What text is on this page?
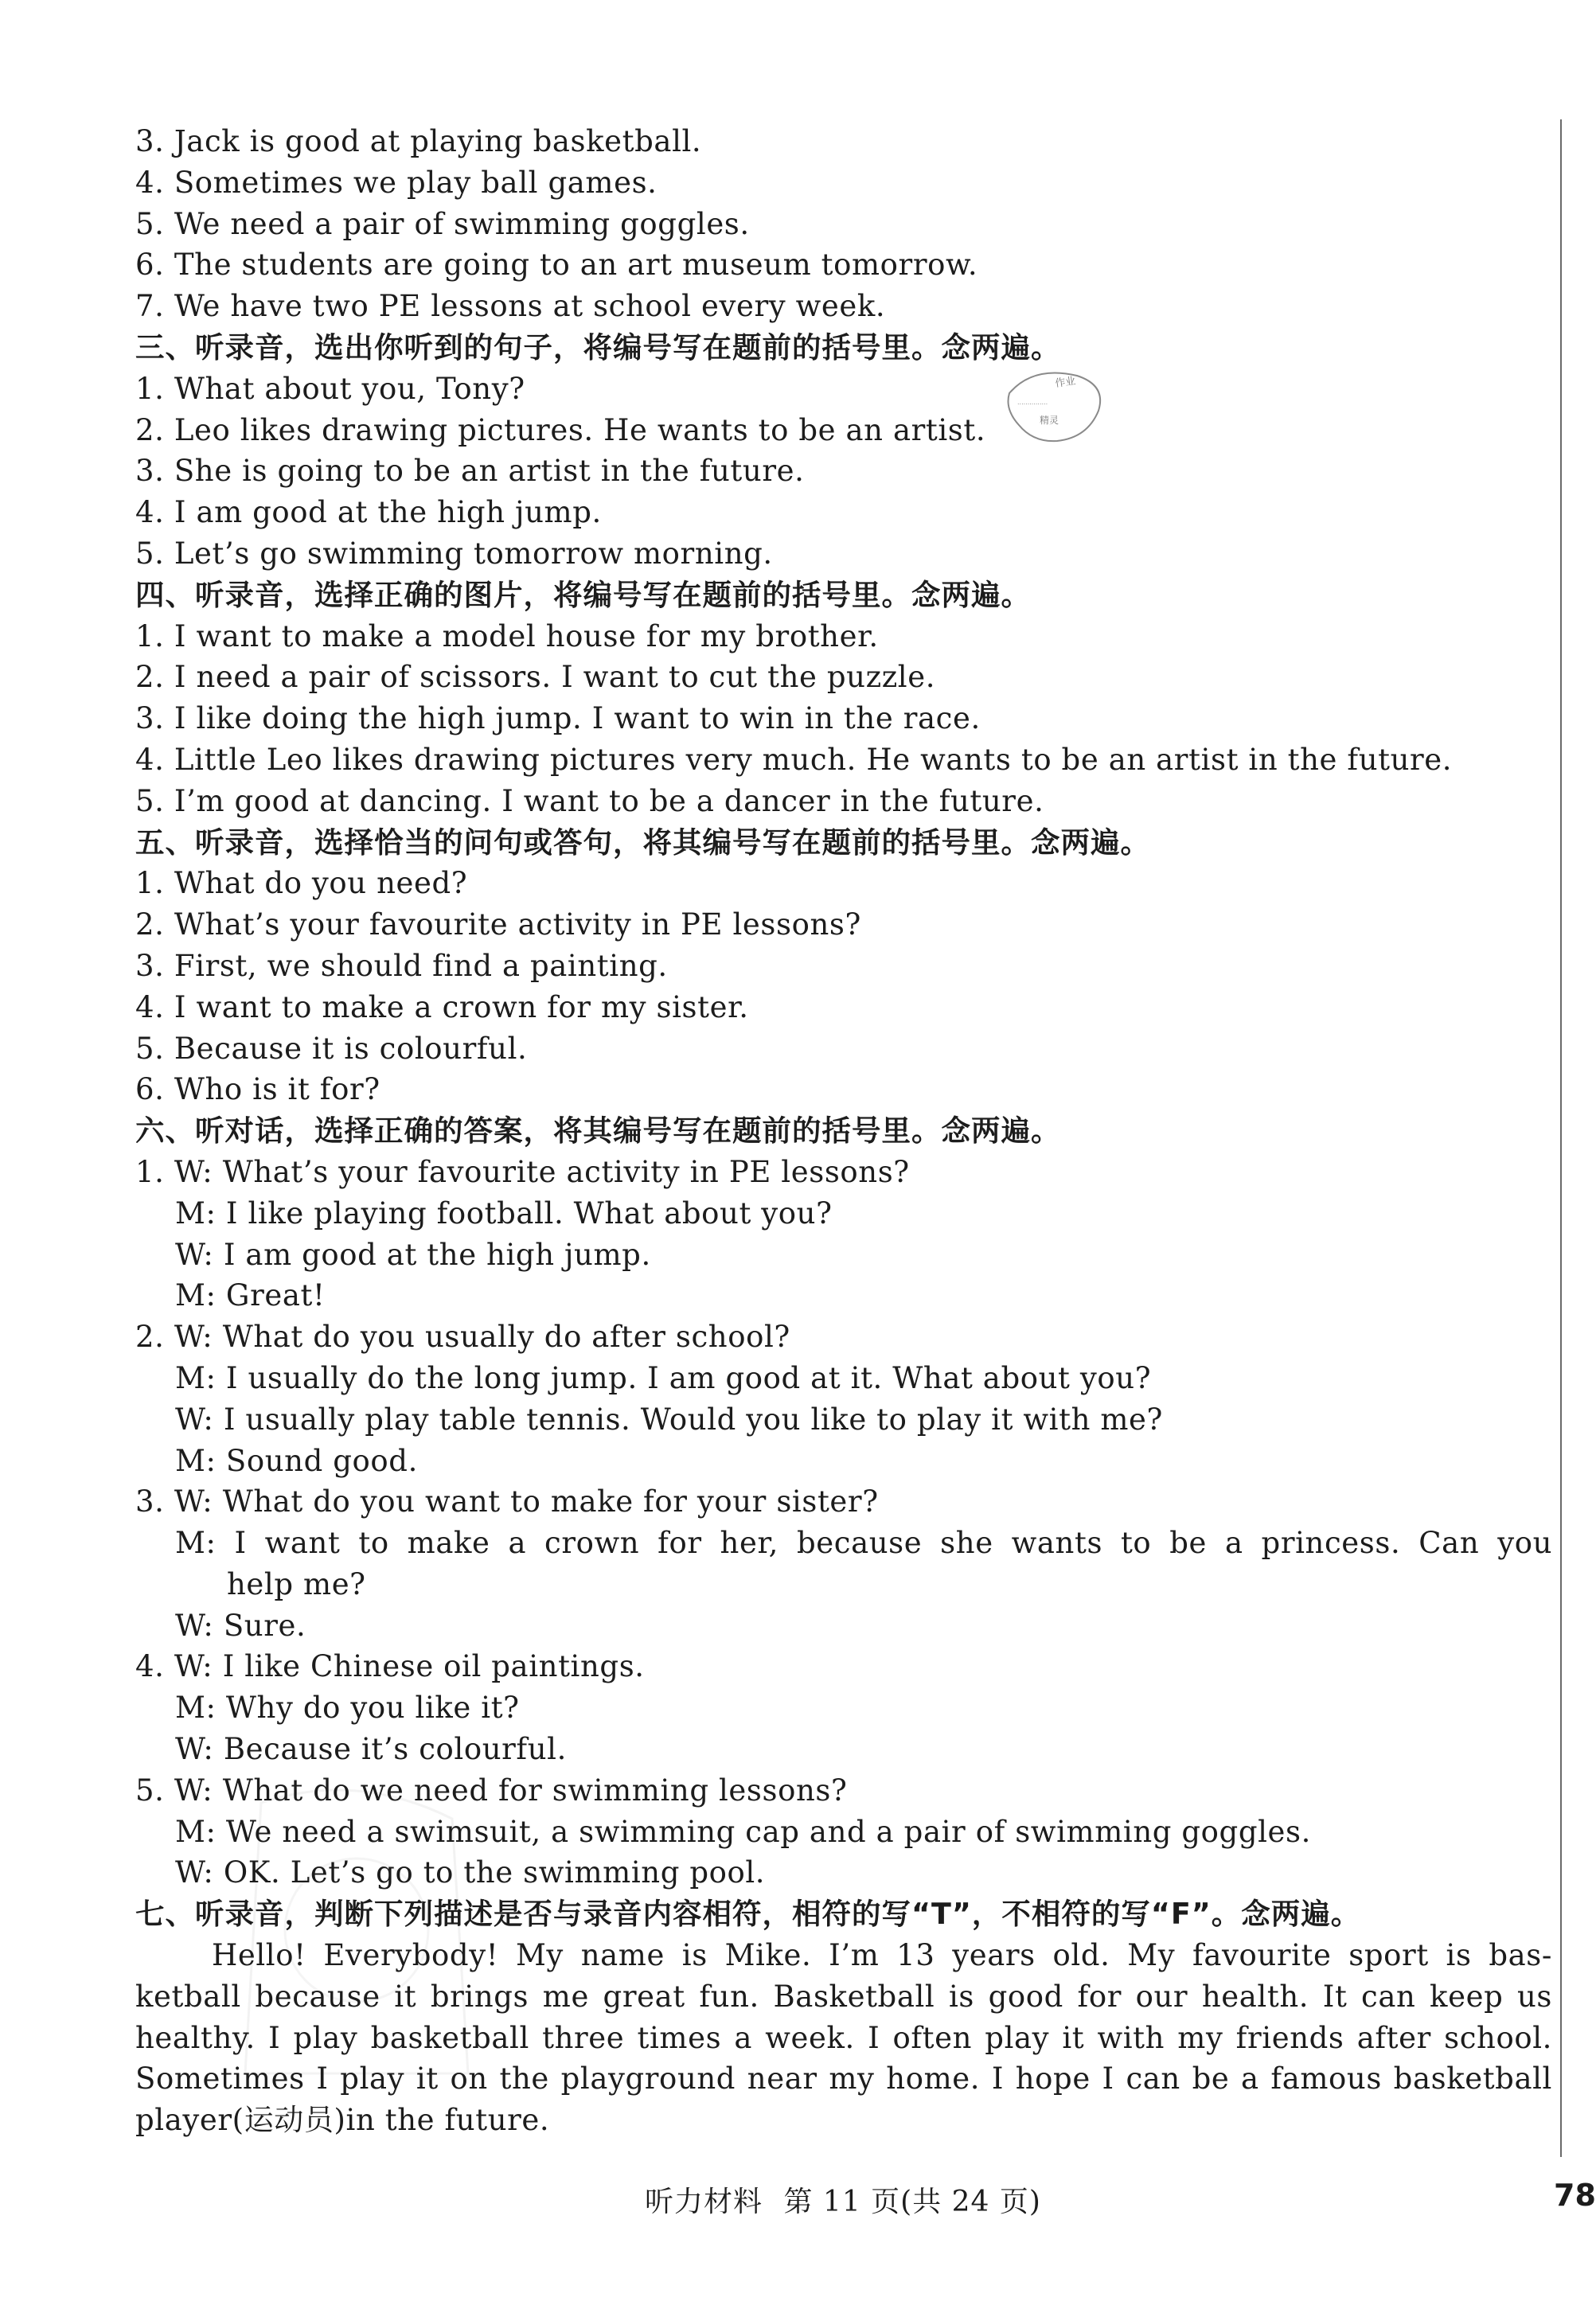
作业
...............
精灵
3. Jack is good at playing basketball.
4. Sometimes we play ball games.
5. We need a pair of swimming goggles.
6. The students are going to an art museum tomorrow.
7. We have two PE lessons at school every week.
三、听录音，选出你听到的句子，将编号写在题前的括号里。念两遍。
1. What about you, Tony?
2. Leo likes drawing pictures. He wants to be an artist.
3. She is going to be an artist in the future.
4. I am good at the high jump.
5. Let’s go swimming tomorrow morning.
四、听录音，选择正确的图片，将编号写在题前的括号里。念两遍。
1. I want to make a model house for my brother.
2. I need a pair of scissors. I want to cut the puzzle.
3. I like doing the high jump. I want to win in the race.
4. Little Leo likes drawing pictures very much. He wants to be an artist in the future.
5. I’m good at dancing. I want to be a dancer in the future.
五、听录音，选择恰当的问句或答句，将其编号写在题前的括号里。念两遍。
1. What do you need?
2. What’s your favourite activity in PE lessons?
3. First, we should find a painting.
4. I want to make a crown for my sister.
5. Because it is colourful.
6. Who is it for?
六、听对话，选择正确的答案，将其编号写在题前的括号里。念两遍。
1. W: What’s your favourite activity in PE lessons?
M: I like playing football. What about you?
W: I am good at the high jump.
M: Great!
2. W: What do you usually do after school?
M: I usually do the long jump. I am good at it. What about you?
W: I usually play table tennis. Would you like to play it with me?
M: Sound good.
3. W: What do you want to make for your sister?
M: I want to make a crown for her, because she wants to be a princess. Can you
help me?
W: Sure.
4. W: I like Chinese oil paintings.
M: Why do you like it?
W: Because it’s colourful.
5. W: What do we need for swimming lessons?
M: We need a swimsuit, a swimming cap and a pair of swimming goggles.
W: OK. Let’s go to the swimming pool.
七、听录音，判断下列描述是否与录音内容相符，相符的写“T”，不相符的写“F”。念两遍。
Hello! Everybody! My name is Mike. I’m 13 years old. My favourite sport is bas-
ketball because it brings me great fun. Basketball is good for our health. It can keep us
healthy. I play basketball three times a week. I often play it with my friends after school.
Sometimes I play it on the playground near my home. I hope I can be a famous basketball
player(运动员)in the future.
听力材料 第 11 页(共 24 页)	78
